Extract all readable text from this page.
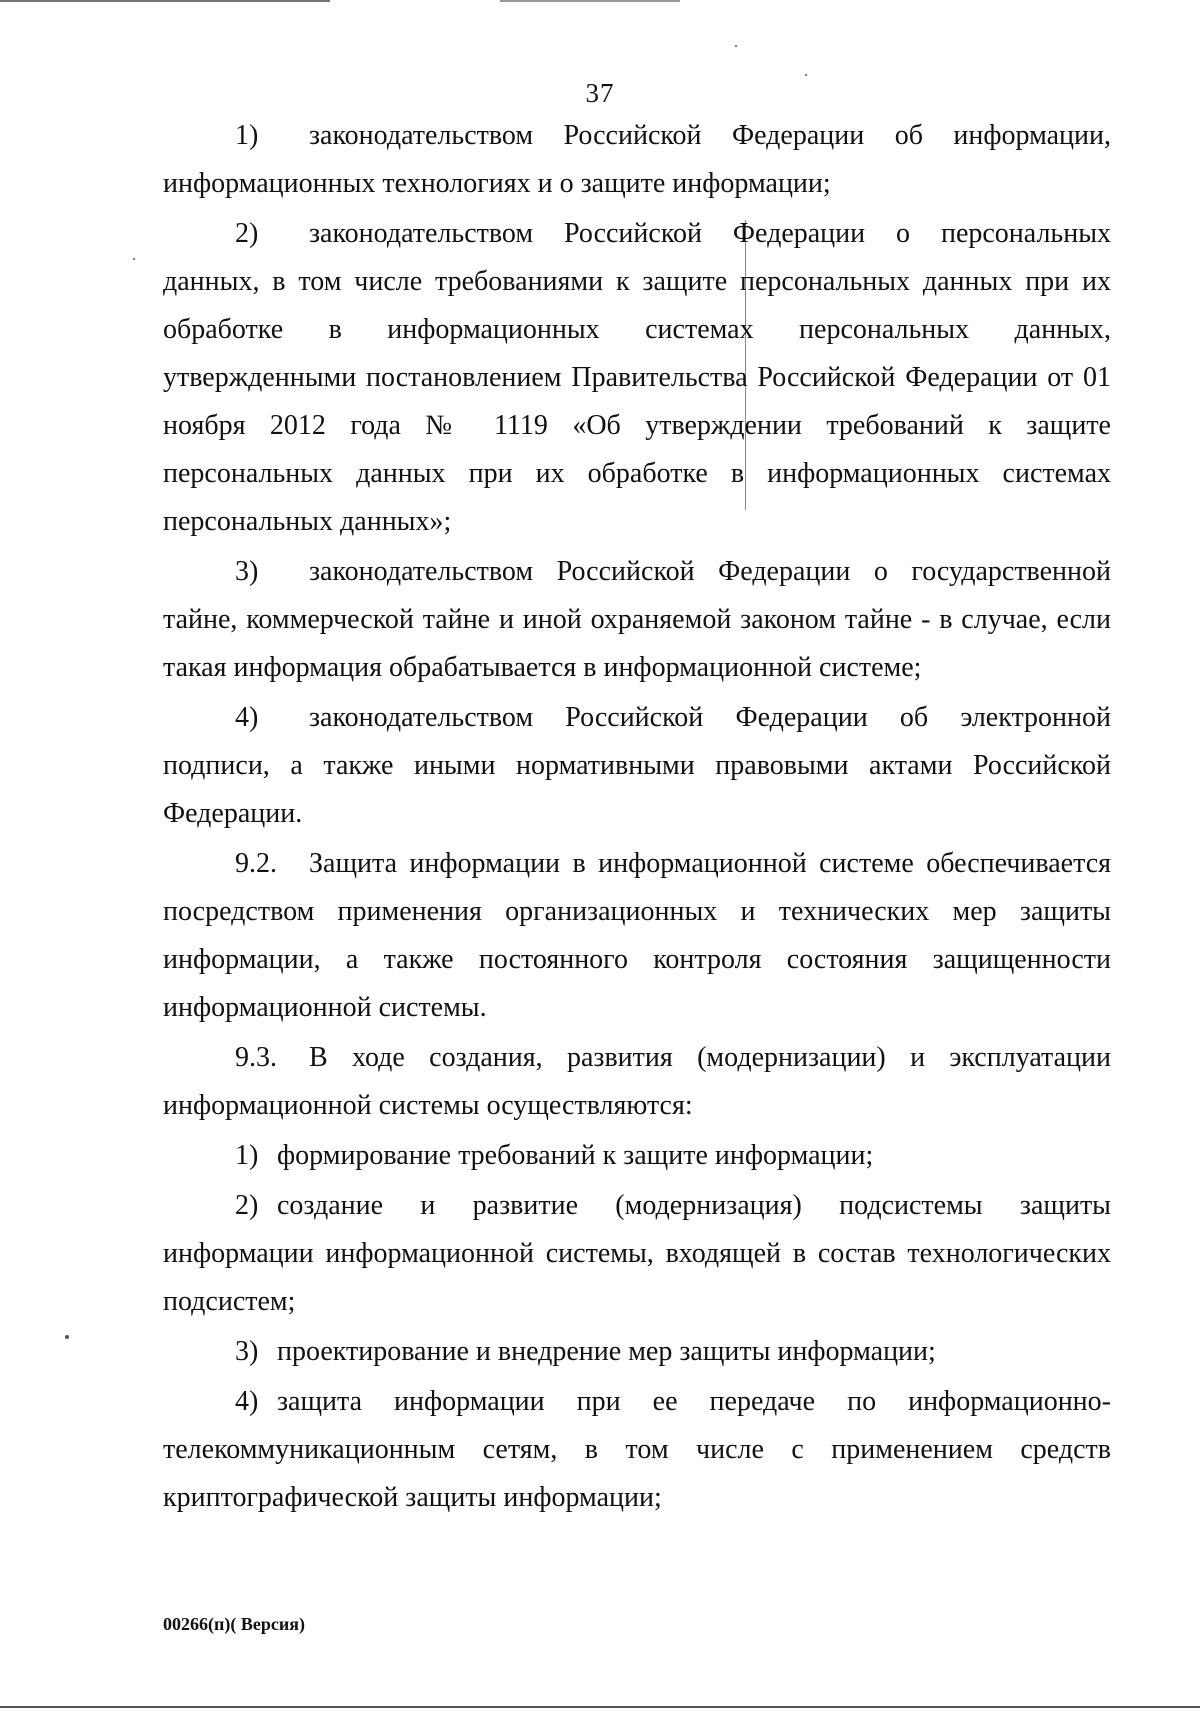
37

1) законодательством Российской Федерации об информации, информационных технологиях и о защите информации;

2) законодательством Российской Федерации о персональных данных, в том числе требованиями к защите персональных данных при их обработке в информационных системах персональных данных, утвержденными постановлением Правительства Российской Федерации от 01 ноября 2012 года № 1119 «Об утверждении требований к защите персональных данных при их обработке в информационных системах персональных данных»;

3) законодательством Российской Федерации о государственной тайне, коммерческой тайне и иной охраняемой законом тайне - в случае, если такая информация обрабатывается в информационной системе;

4) законодательством Российской Федерации об электронной подписи, а также иными нормативными правовыми актами Российской Федерации.

9.2. Защита информации в информационной системе обеспечивается посредством применения организационных и технических мер защиты информации, а также постоянного контроля состояния защищенности информационной системы.

9.3. В ходе создания, развития (модернизации) и эксплуатации информационной системы осуществляются:

1) формирование требований к защите информации;

2) создание и развитие (модернизация) подсистемы защиты информации информационной системы, входящей в состав технологических подсистем;

3) проектирование и внедрение мер защиты информации;

4) защита информации при ее передаче по информационно-телекоммуникационным сетям, в том числе с применением средств криптографической защиты информации;

00266(п)( Версия)
